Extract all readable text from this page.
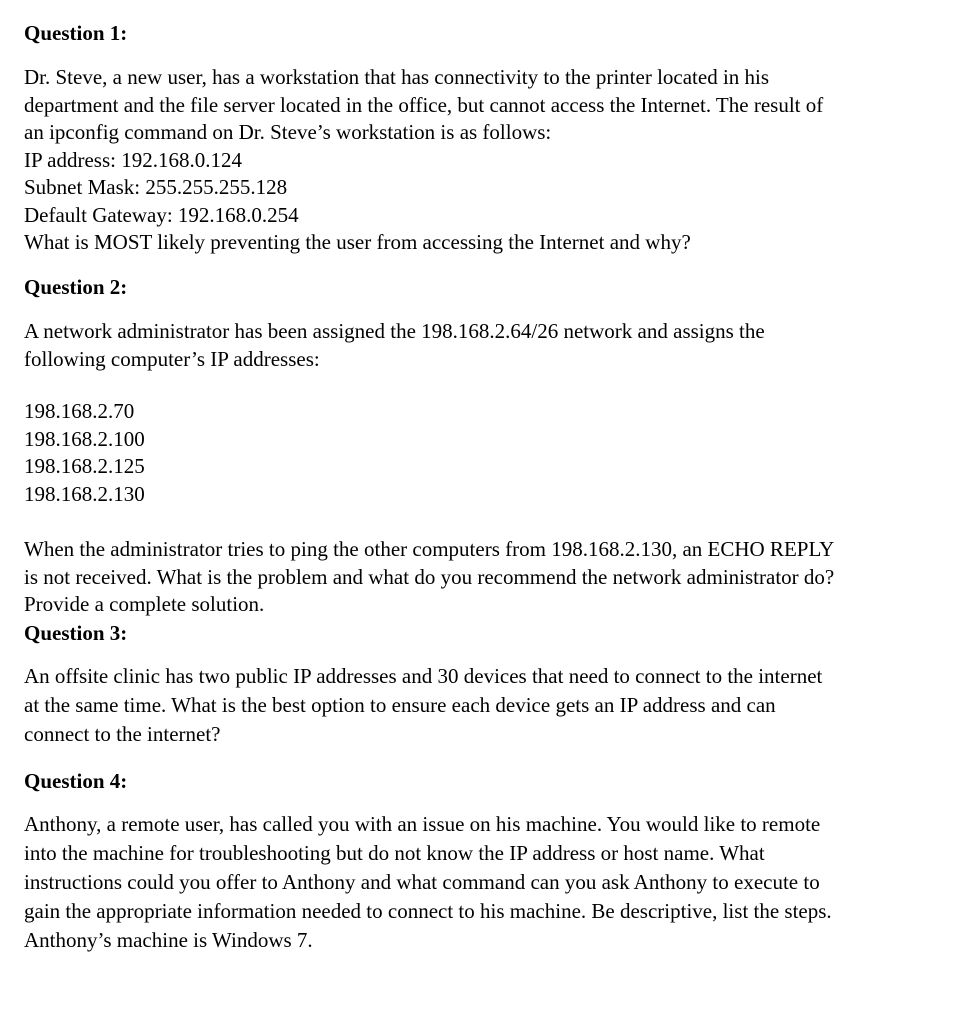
Question 1:
Dr. Steve, a new user, has a workstation that has connectivity to the printer located in his
department and the file server located in the office, but cannot access the Internet. The result of
an ipconfig command on Dr. Steve’s workstation is as follows:
IP address: 192.168.0.124
Subnet Mask: 255.255.255.128
Default Gateway: 192.168.0.254
What is MOST likely preventing the user from accessing the Internet and why?
Question 2:
A network administrator has been assigned the 198.168.2.64/26 network and assigns the
following computer’s IP addresses:
198.168.2.70
198.168.2.100
198.168.2.125
198.168.2.130
When the administrator tries to ping the other computers from 198.168.2.130, an ECHO REPLY
is not received. What is the problem and what do you recommend the network administrator do?
Provide a complete solution.
Question 3:
An offsite clinic has two public IP addresses and 30 devices that need to connect to the internet
at the same time. What is the best option to ensure each device gets an IP address and can
connect to the internet?
Question 4:
Anthony, a remote user, has called you with an issue on his machine. You would like to remote
into the machine for troubleshooting but do not know the IP address or host name. What
instructions could you offer to Anthony and what command can you ask Anthony to execute to
gain the appropriate information needed to connect to his machine. Be descriptive, list the steps.
Anthony’s machine is Windows 7.
